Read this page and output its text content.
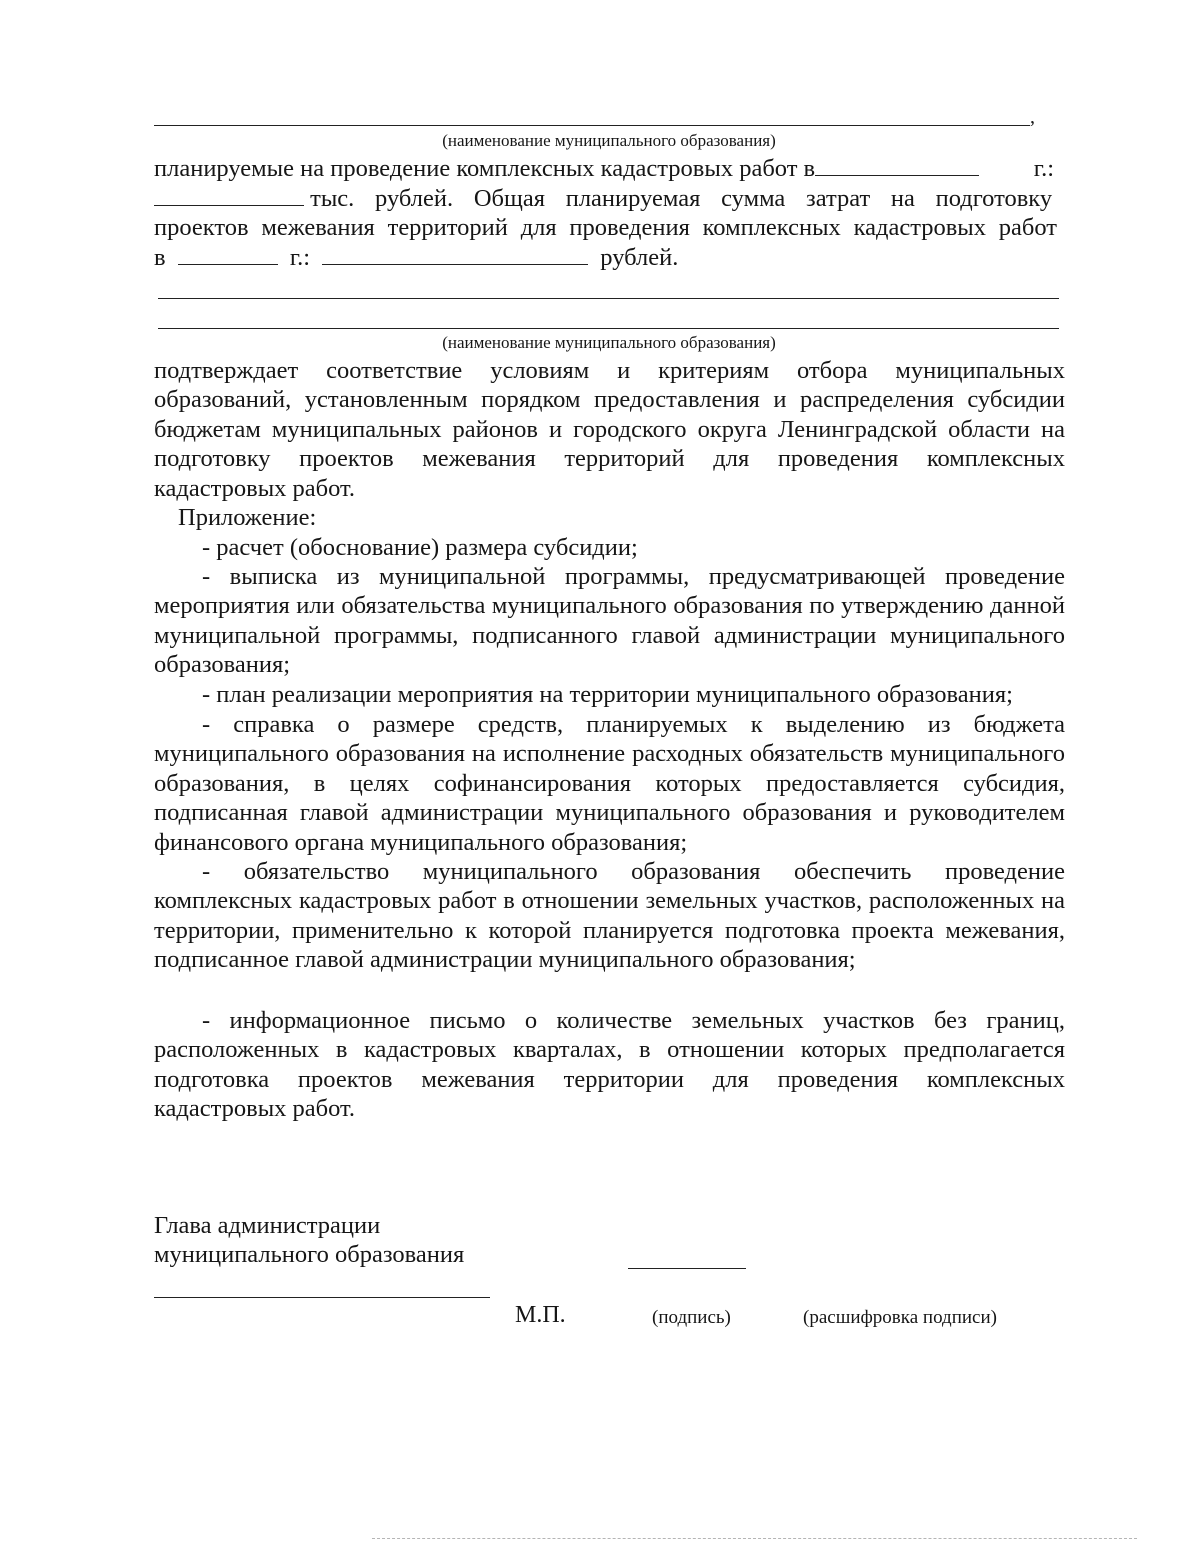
,
(наименование муниципального образования)
планируемые на проведение комплексных кадастровых работ в	г.:
тыс. рублей. Общая планируемая сумма затрат на подготовку
проектов межевания территорий для проведения комплексных кадастровых работ
в	г.:	рублей.
(наименование муниципального образования)
подтверждает соответствие условиям и критериям отбора муниципальных образований, установленным порядком предоставления и распределения субсидии бюджетам муниципальных районов и городского округа Ленинградской области на подготовку проектов межевания территорий для проведения комплексных кадастровых работ.
Приложение:
- расчет (обоснование) размера субсидии;
- выписка из муниципальной программы, предусматривающей проведение мероприятия или обязательства муниципального образования по утверждению данной муниципальной программы, подписанного главой администрации муниципального образования;
- план реализации мероприятия на территории муниципального образования;
- справка о размере средств, планируемых к выделению из бюджета муниципального образования на исполнение расходных обязательств муниципального образования, в целях софинансирования которых предоставляется субсидия, подписанная главой администрации муниципального образования и руководителем финансового органа муниципального образования;
- обязательство муниципального образования обеспечить проведение комплексных кадастровых работ в отношении земельных участков, расположенных на территории, применительно к которой планируется подготовка проекта межевания, подписанное главой администрации муниципального образования;
- информационное письмо о количестве земельных участков без границ, расположенных в кадастровых кварталах, в отношении которых предполагается подготовка проектов межевания территории для проведения комплексных кадастровых работ.
Глава администрации
муниципального образования
М.П.	(подпись)	(расшифровка подписи)
